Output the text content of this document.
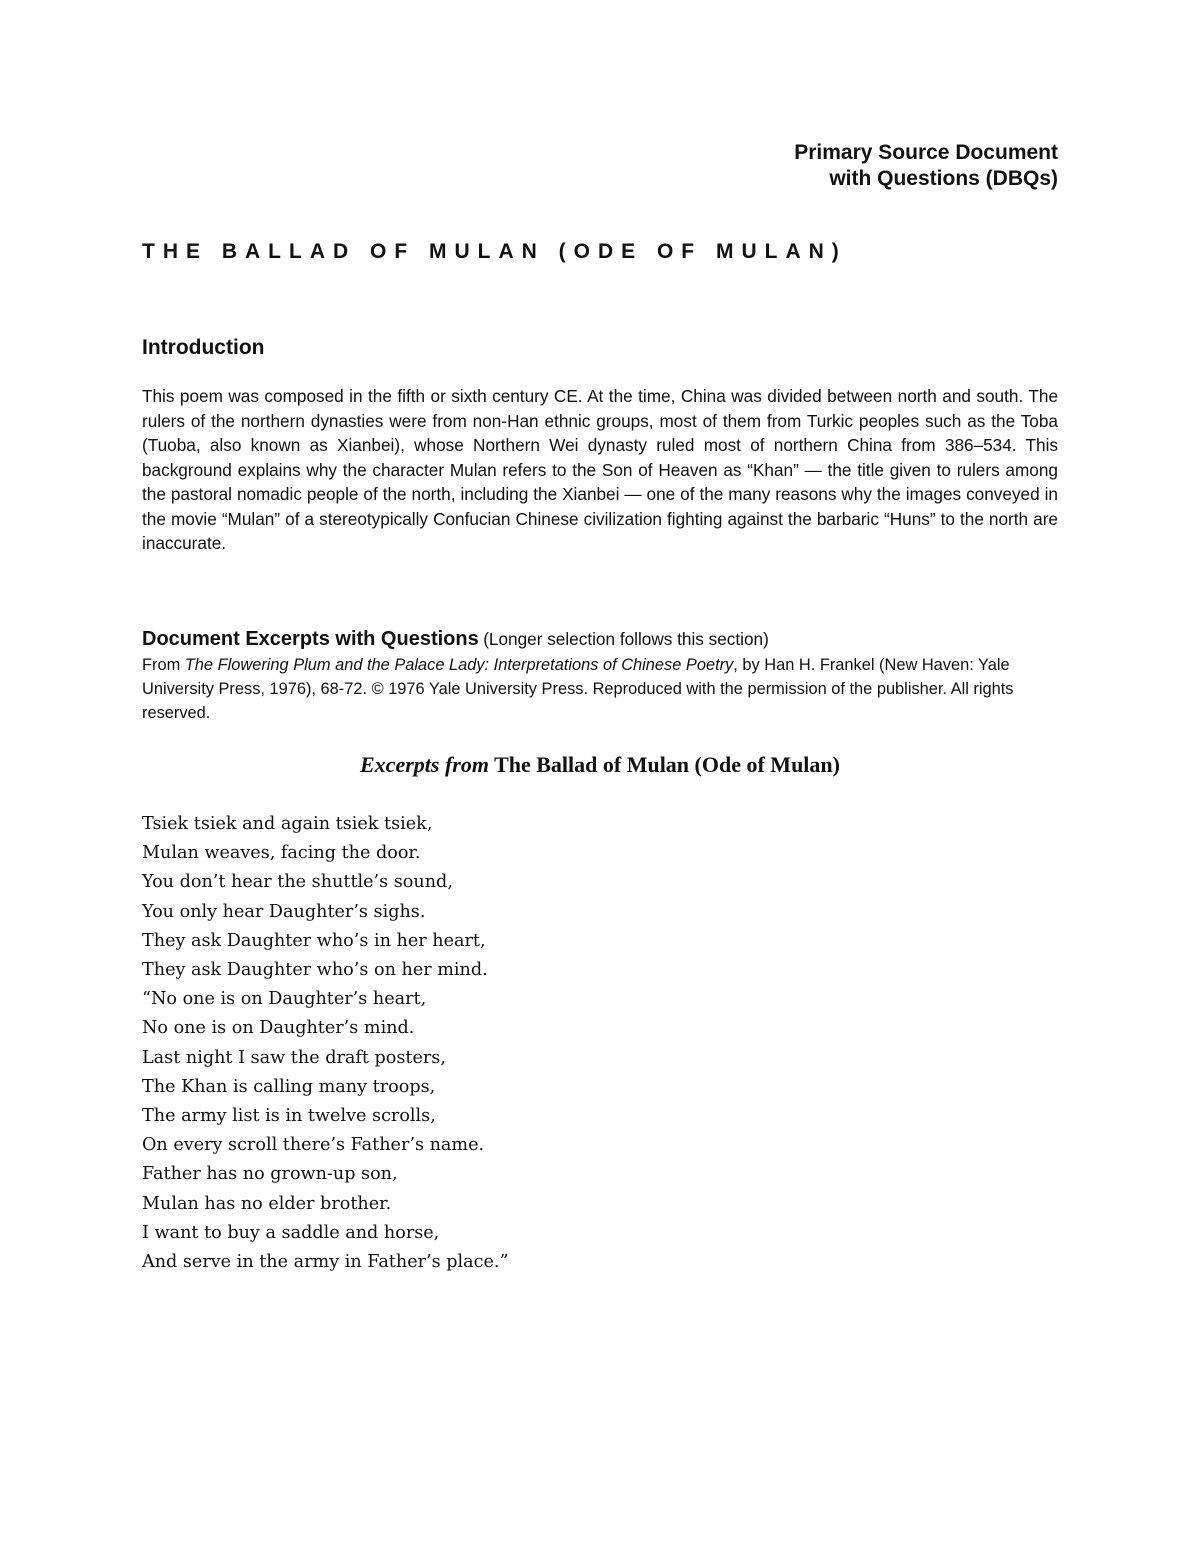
Primary Source Document
with Questions (DBQs)
THE BALLAD OF MULAN (ODE OF MULAN)
Introduction
This poem was composed in the fifth or sixth century CE. At the time, China was divided between north and south. The rulers of the northern dynasties were from non-Han ethnic groups, most of them from Turkic peoples such as the Toba (Tuoba, also known as Xianbei), whose Northern Wei dynasty ruled most of northern China from 386–534. This background explains why the character Mulan refers to the Son of Heaven as “Khan” — the title given to rulers among the pastoral nomadic people of the north, including the Xianbei — one of the many reasons why the images conveyed in the movie “Mulan” of a stereotypically Confucian Chinese civilization fighting against the barbaric “Huns” to the north are inaccurate.
Document Excerpts with Questions (Longer selection follows this section)
From The Flowering Plum and the Palace Lady: Interpretations of Chinese Poetry, by Han H. Frankel (New Haven: Yale University Press, 1976), 68-72. © 1976 Yale University Press. Reproduced with the permission of the publisher. All rights reserved.
Excerpts from The Ballad of Mulan (Ode of Mulan)
Tsiek tsiek and again tsiek tsiek,
Mulan weaves, facing the door.
You don’t hear the shuttle’s sound,
You only hear Daughter’s sighs.
They ask Daughter who’s in her heart,
They ask Daughter who’s on her mind.
“No one is on Daughter’s heart,
No one is on Daughter’s mind.
Last night I saw the draft posters,
The Khan is calling many troops,
The army list is in twelve scrolls,
On every scroll there’s Father’s name.
Father has no grown-up son,
Mulan has no elder brother.
I want to buy a saddle and horse,
And serve in the army in Father’s place.”
